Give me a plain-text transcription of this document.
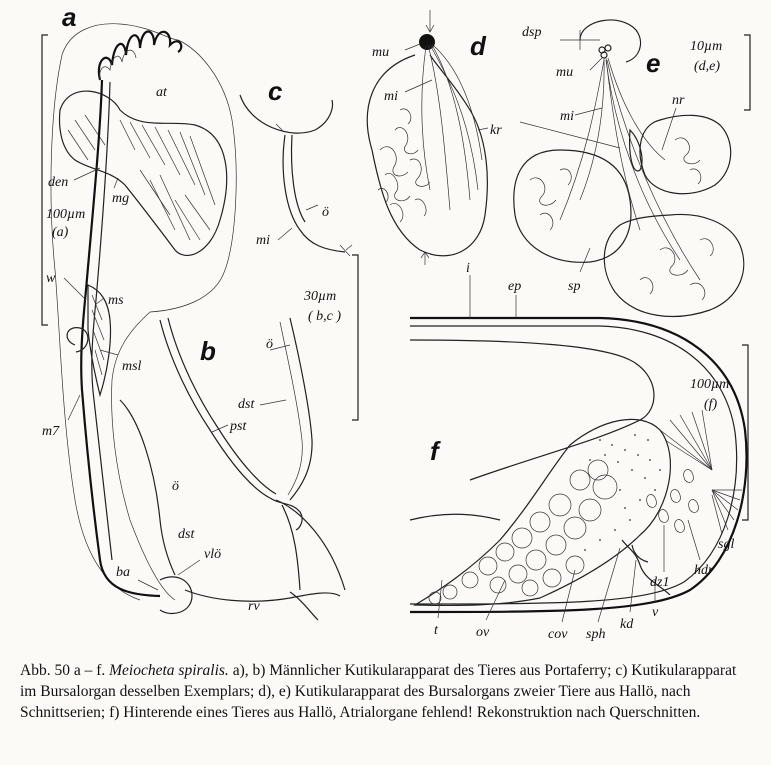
a
b
c
d
e
f
at
den
mg
w
ms
msl
m7
ö
dst
ba
vlö
rv
ö
mi
ö
dst
pst
mu
mi
kr
dsp
mu
mi
nr
sp
i
ep
t	ov	cov sph
kd
v
dz1
hdr
sgl
100µm
(a)
30µm
( b,c )
10µm
(d,e)
100µm
(f)
Abb. 50 a – f. Meiocheta spiralis. a), b) Männlicher Kutikularapparat des Tieres aus Portaferry; c) Kutikularapparat im Bursalorgan desselben Exemplars; d), e) Kutikularapparat des Bursalorgans zweier Tiere aus Hallö, nach Schnittserien; f) Hinterende eines Tieres aus Hallö, Atrialorgane fehlend! Rekonstruktion nach Querschnitten.
